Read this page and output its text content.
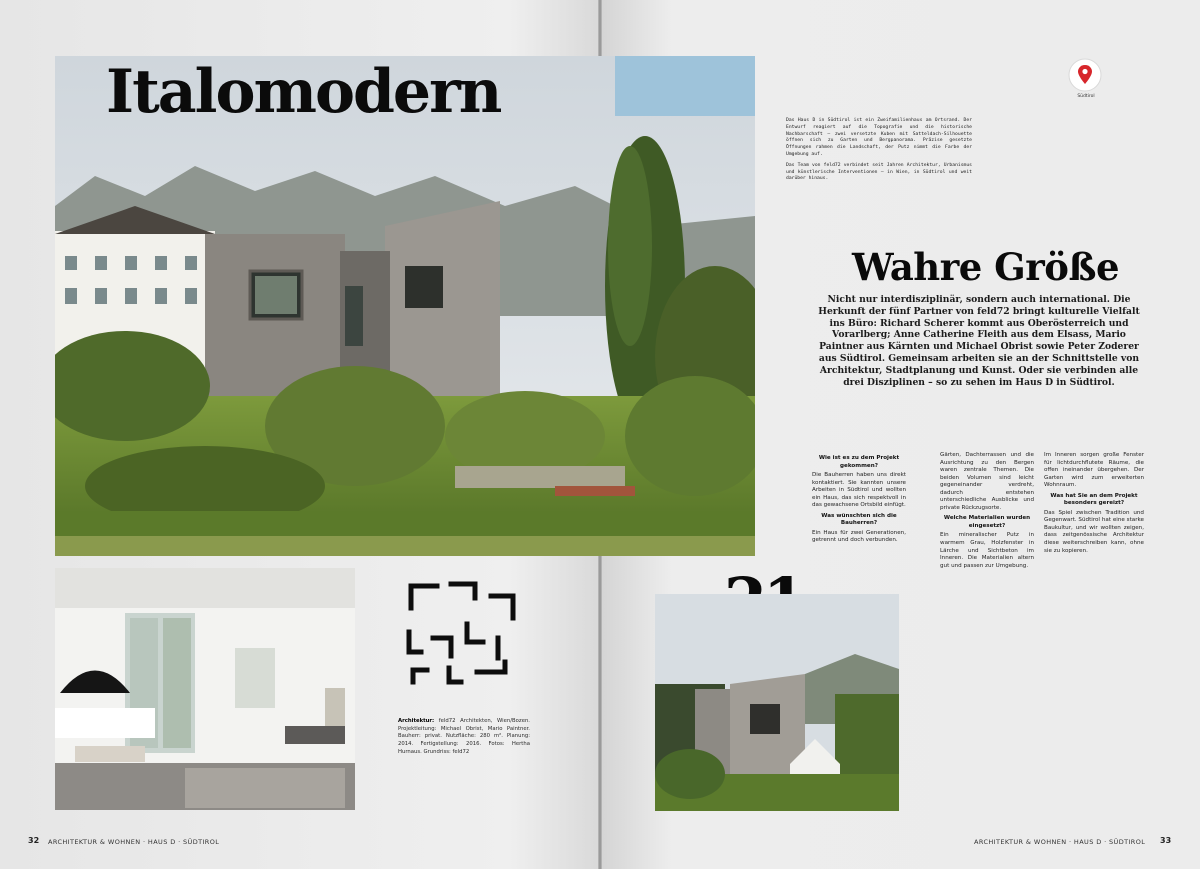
Italomodern

Architektur: feld72 Architekten, Wien/Bozen. Projektleitung: Michael Obrist, Mario Paintner. Bauherr: privat. Nutzfläche: 280 m². Planung: 2014. Fertigstellung: 2016. Fotos: Hertha Hurnaus. Grundriss: feld72

Südtirol

Das Haus D in Südtirol ist ein Zweifamilienhaus am Ortsrand. Der Entwurf reagiert auf die Topografie und die historische Nachbarschaft – zwei versetzte Kuben mit Satteldach-Silhouette öffnen sich zu Garten und Bergpanorama. Präzise gesetzte Öffnungen rahmen die Landschaft, der Putz nimmt die Farbe der Umgebung auf.

Das Team von feld72 verbindet seit Jahren Architektur, Urbanismus und künstlerische Interventionen – in Wien, in Südtirol und weit darüber hinaus.

Wahre Größe

Nicht nur interdisziplinär, sondern auch international. Die Herkunft der fünf Partner von feld72 bringt kulturelle Vielfalt ins Büro: Richard Scherer kommt aus Oberösterreich und Vorarlberg; Anne Catherine Fleith aus dem Elsass, Mario Paintner aus Kärnten und Michael Obrist sowie Peter Zoderer aus Südtirol. Gemeinsam arbeiten sie an der Schnittstelle von Architektur, Stadtplanung und Kunst. Oder sie verbinden alle drei Disziplinen – so zu sehen im Haus D in Südtirol.

Wie ist es zu dem Projekt gekommen?

Die Bauherren haben uns direkt kontaktiert. Sie kannten unsere Arbeiten in Südtirol und wollten ein Haus, das sich respektvoll in das gewachsene Ortsbild einfügt.

Was wünschten sich die Bauherren?

Ein Haus für zwei Generationen, getrennt und doch verbunden.

Gärten, Dachterrassen und die Ausrichtung zu den Bergen waren zentrale Themen. Die beiden Volumen sind leicht gegeneinander verdreht, dadurch entstehen unterschiedliche Ausblicke und private Rückzugsorte.

Welche Materialien wurden eingesetzt?

Ein mineralischer Putz in warmem Grau, Holzfenster in Lärche und Sichtbeton im Inneren. Die Materialien altern gut und passen zur Umgebung.

Im Inneren sorgen große Fenster für lichtdurchflutete Räume, die offen ineinander übergehen. Der Garten wird zum erweiterten Wohnraum.

Was hat Sie an dem Projekt besonders gereizt?

Das Spiel zwischen Tradition und Gegenwart. Südtirol hat eine starke Baukultur, und wir wollten zeigen, dass zeitgenössische Architektur diese weiterschreiben kann, ohne sie zu kopieren.

32 ARCHITEKTUR & WOHNEN · HAUS D · SÜDTIROL	ARCHITEKTUR & WOHNEN · HAUS D · SÜDTIROL 33
